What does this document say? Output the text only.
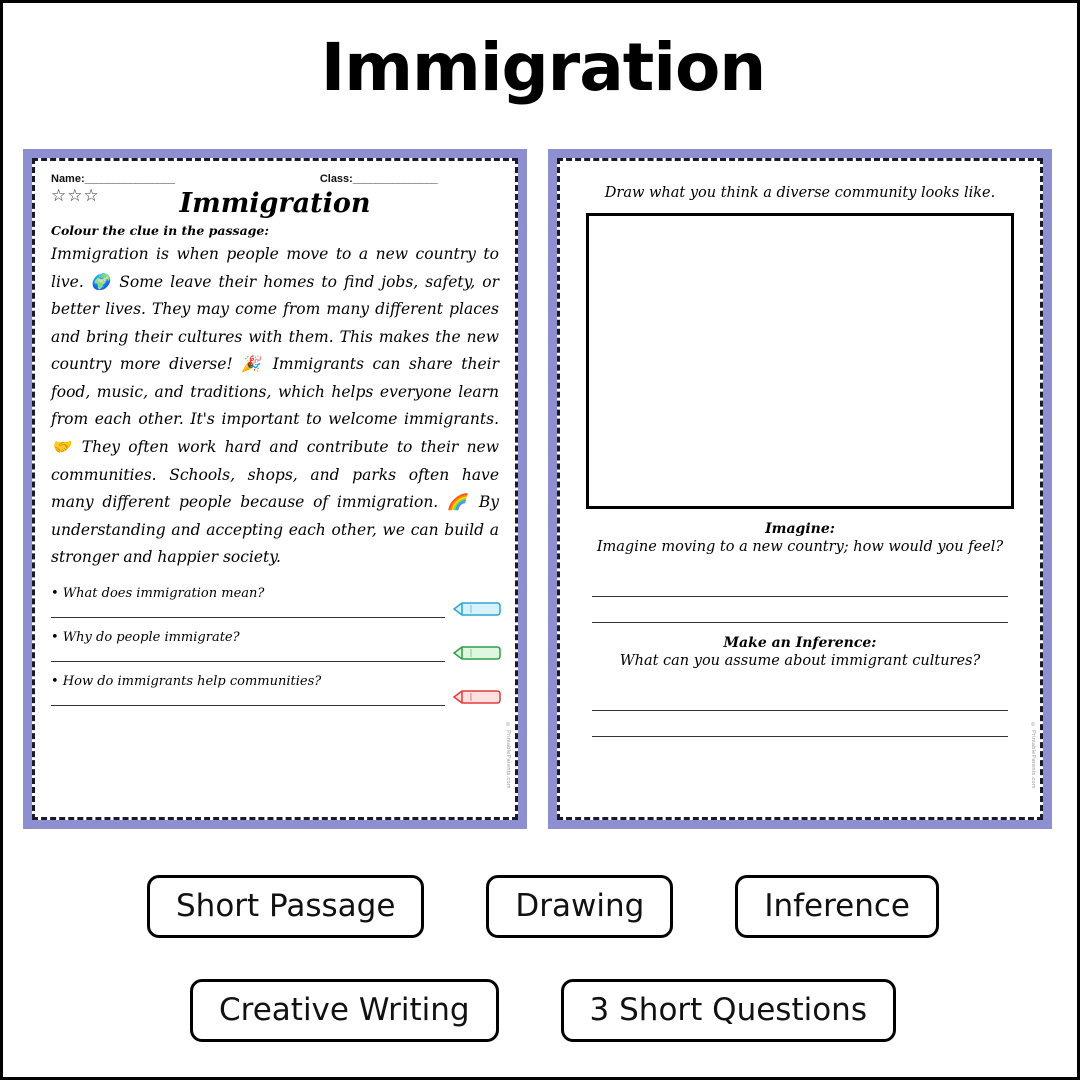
Immigration
Name:________________	Class:_______________
☆☆☆	Immigration
Colour the clue in the passage:

Immigration is when people move to a new country to live. 🌍 Some leave their homes to find jobs, safety, or better lives. They may come from many different places and bring their cultures with them. This makes the new country more diverse! 🎉 Immigrants can share their food, music, and traditions, which helps everyone learn from each other. It's important to welcome immigrants. 🤝 They often work hard and contribute to their new communities. Schools, shops, and parks often have many different people because of immigration. 🌈 By understanding and accepting each other, we can build a stronger and happier society.

• What does immigration mean?
• Why do people immigrate?
• How do immigrants help communities?
© PrintableParents.com
Draw what you think a diverse community looks like.
Imagine:
Imagine moving to a new country; how would you feel?
Make an Inference:
What can you assume about immigrant cultures?
© PrintableParents.com
Short Passage	Drawing	Inference
Creative Writing	3 Short Questions
